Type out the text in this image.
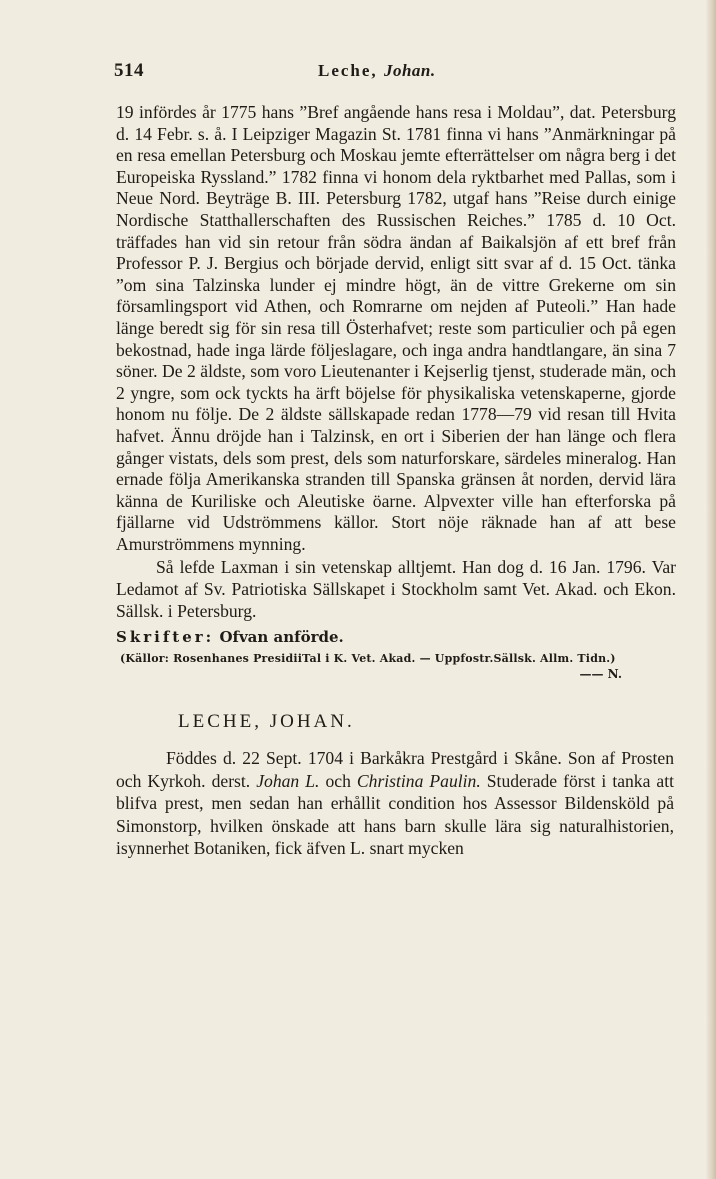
514	Leche, Johan.

19 infördes år 1775 hans ”Bref angående hans resa i Moldau”, dat. Petersburg d. 14 Febr. s. å. I Leipziger Magazin St. 1781 finna vi hans ”Anmärkningar på en resa emellan Petersburg och Moskau jemte efterrättelser om några berg i det Europeiska Ryssland.” 1782 finna vi honom dela ryktbarhet med Pallas, som i Neue Nord. Beyträge B. III. Petersburg 1782, utgaf hans ”Reise durch einige Nordische Statthallerschaften des Russischen Reiches.” 1785 d. 10 Oct. träffades han vid sin retour från södra ändan af Baikalsjön af ett bref från Professor P. J. Bergius och började dervid, enligt sitt svar af d. 15 Oct. tänka ”om sina Talzinska lunder ej mindre högt, än de vittre Grekerne om sin församlingsport vid Athen, och Romrarne om nejden af Puteoli.” Han hade länge beredt sig för sin resa till Österhafvet; reste som particulier och på egen bekostnad, hade inga lärde följeslagare, och inga andra handtlangare, än sina 7 söner. De 2 äldste, som voro Lieutenanter i Kejserlig tjenst, studerade män, och 2 yngre, som ock tyckts ha ärft böjelse för physikaliska vetenskaperne, gjorde honom nu följe. De 2 äldste sällskapade redan 1778—79 vid resan till Hvita hafvet. Ännu dröjde han i Talzinsk, en ort i Siberien der han länge och flera gånger vistats, dels som prest, dels som naturforskare, särdeles mineralog. Han ernade följa Amerikanska stranden till Spanska gränsen åt norden, dervid lära känna de Kuriliske och Aleutiske öarne. Alpvexter ville han efterforska på fjällarne vid Udströmmens källor. Stort nöje räknade han af att bese Amurströmmens mynning.

Så lefde Laxman i sin vetenskap alltjemt. Han dog d. 16 Jan. 1796. Var Ledamot af Sv. Patriotiska Sällskapet i Stockholm samt Vet. Akad. och Ekon. Sällsk. i Petersburg.

Skrifter: Ofvan anförde.
(Källor: Rosenhanes PresidiiTal i K. Vet. Akad. — Uppfostr.Sällsk. Allm. Tidn.)
—— N.
LECHE, JOHAN.

Föddes d. 22 Sept. 1704 i Barkåkra Prestgård i Skåne. Son af Prosten och Kyrkoh. derst. Johan L. och Christina Paulin. Studerade först i tanka att blifva prest, men sedan han erhållit condition hos Assessor Bildensköld på Simonstorp, hvilken önskade att hans barn skulle lära sig naturalhistorien, isynnerhet Botaniken, fick äfven L. snart mycken
